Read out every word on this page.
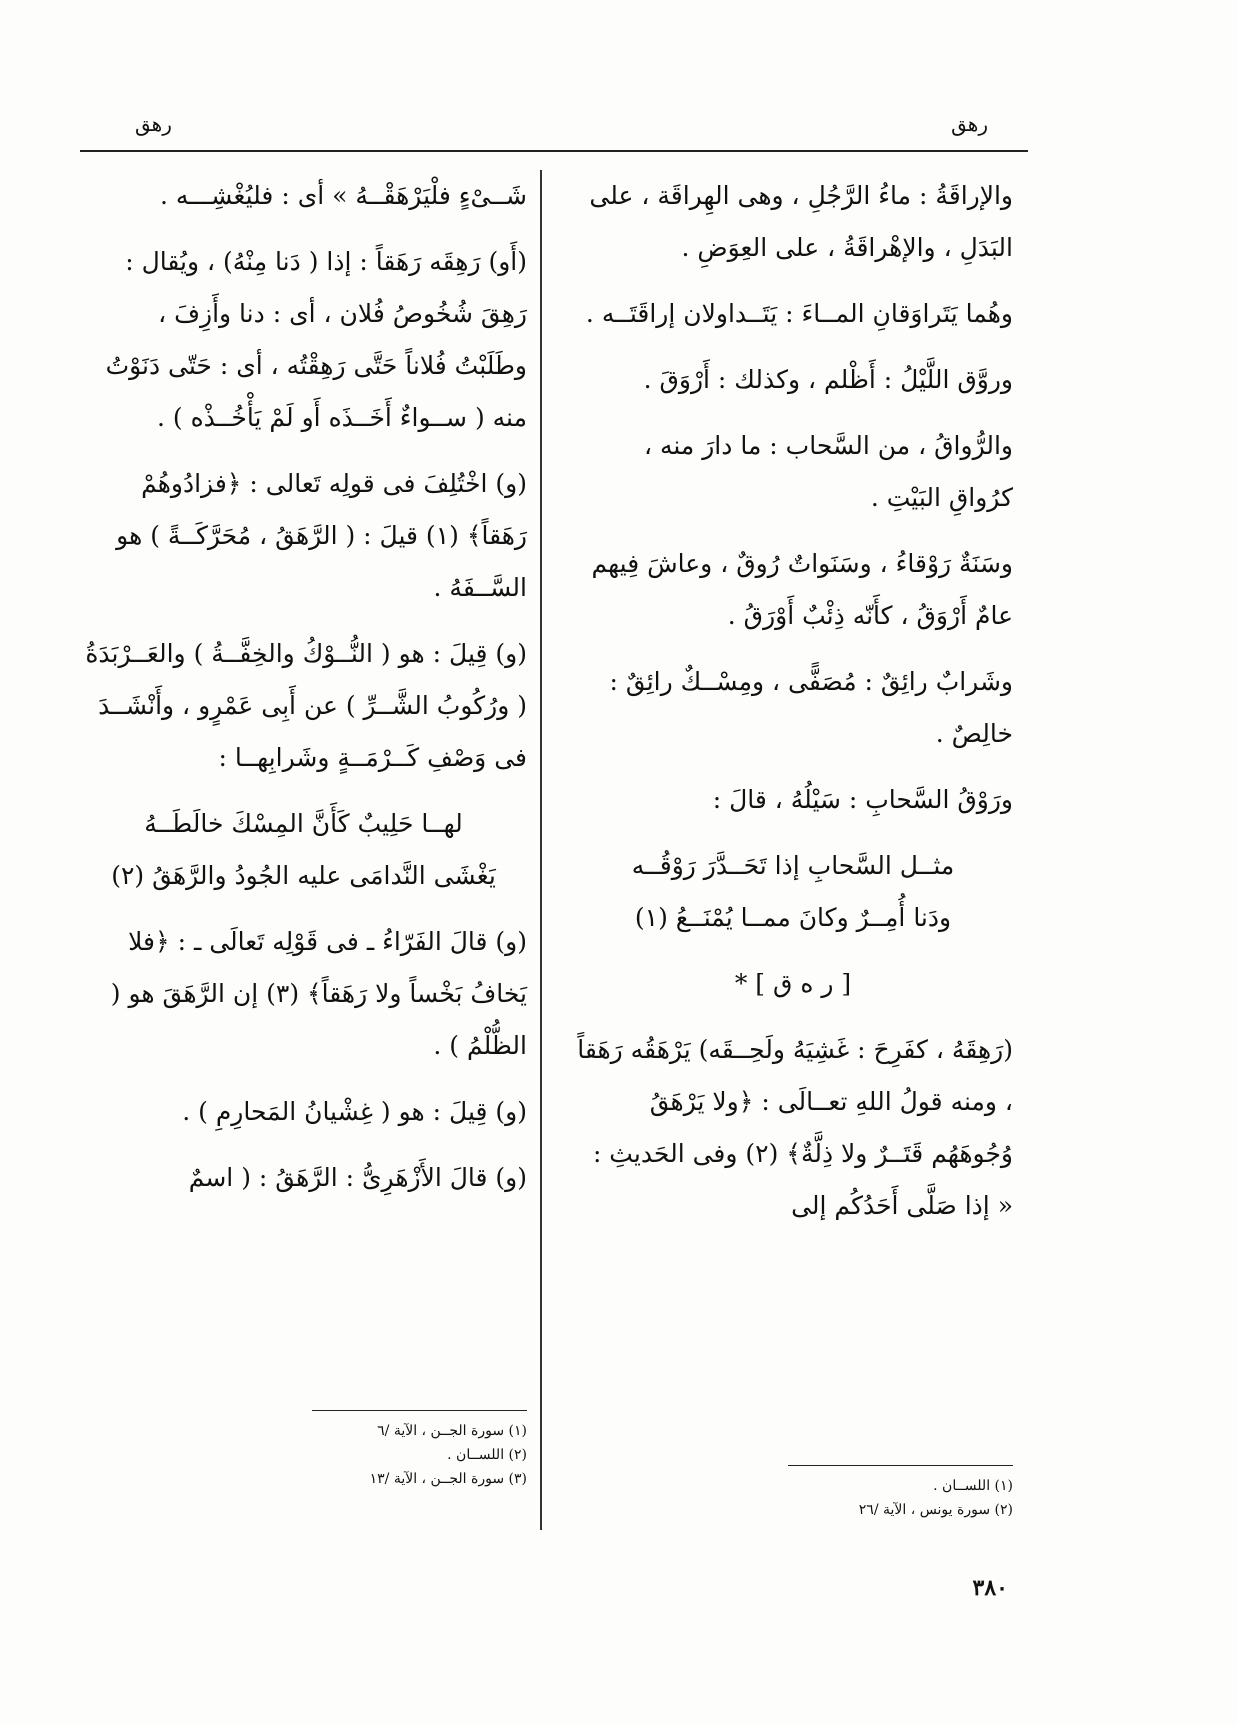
رهق
رهق

والإراقَةُ : ماءُ الرَّجُلِ ، وهى الهِراقَة ، على البَدَلِ ، والإهْراقَةُ ، على العِوَضِ .

وهُما يَتَراوَقانِ المــاءَ : يَتَــداولان إراقَتَــه .

وروَّق اللَّيْلُ : أَظْلم ، وكذلك : أَرْوَقَ .

والرُّواقُ ، من السَّحاب : ما دارَ منه ، كرُواقِ البَيْتِ .

وسَنَةٌ رَوْقاءُ ، وسَنَواتٌ رُوقٌ ، وعاشَ فِيهم عامٌ أَرْوَقُ ، كأَنّه ذِئْبٌ أَوْرَقُ .

وشَرابٌ رائِقٌ : مُصَفًّى ، ومِسْــكٌ رائِقٌ : خالِصٌ .

ورَوْقُ السَّحابِ : سَيْلُهُ ، قالَ :

مثــل السَّحابِ إذا تَحَــدَّرَ رَوْقُــه

ودَنا أُمِــرٌ وكانَ ممــا يُمْنَــعُ (١)

[ ر ه ق ] *

(رَهِقَهُ ، كفَرِحَ : غَشِيَهُ ولَحِــقَه) يَرْهَقُه رَهَقاً ، ومنه قولُ اللهِ تعــالَى : ﴿ولا يَرْهَقُ وُجُوهَهُم قَتَــرٌ ولا ذِلَّةٌ﴾ (٢) وفى الحَديثِ : « إذا صَلَّى أَحَدُكُم إلى

شَــىْءٍ فلْيَرْهَقْــهُ » أى : فليُغْشِـــه .

(أَو) رَهِقَه رَهَقاً : إذا ( دَنا مِنْهُ) ، ويُقال : رَهِقَ شُخُوصُ فُلان ، أى : دنا وأَزِفَ ، وطَلَبْتُ فُلاناً حَتَّى رَهِقْتُه ، أى : حَتّى دَنَوْتُ منه ( ســواءٌ أَخَــذَه أَو لَمْ يَأْخُــذْه ) .

(و) اخْتُلِفَ فى قولِه تَعالى : ﴿فزادُوهُمْ رَهَقاً﴾ (١) قيلَ : ( الرَّهَقُ ، مُحَرَّكَــةً ) هو السَّــفَهُ .

(و) قِيلَ : هو ( النُّــوْكُ والخِفَّــةُ ) والعَــرْبَدَةُ ( ورُكُوبُ الشَّــرِّ ) عن أَبِى عَمْرٍو ، وأَنْشَــدَ فى وَصْفِ كَــرْمَــةٍ وشَرابِهــا :

لهــا حَلِيبٌ كَأَنَّ المِسْكَ خالَطَــهُ

يَغْشَى النَّدامَى عليه الجُودُ والرَّهَقُ (٢)

(و) قالَ الفَرّاءُ ـ فى قَوْلِه تَعالَى ـ : ﴿فلا يَخافُ بَخْساً ولا رَهَقاً﴾ (٣) إن الرَّهَقَ هو ( الظُّلْمُ ) .

(و) قِيلَ : هو ( غِشْيانُ المَحارِمِ ) .

(و) قالَ الأَزْهَرِىُّ : الرَّهَقُ : ( اسمٌ

(١) اللســان .
(٢) سورة يونس ، الآية /٢٦
(١) سورة الجــن ، الآية /٦
(٢) اللســان .
(٣) سورة الجــن ، الآية /١٣
٣٨٠
